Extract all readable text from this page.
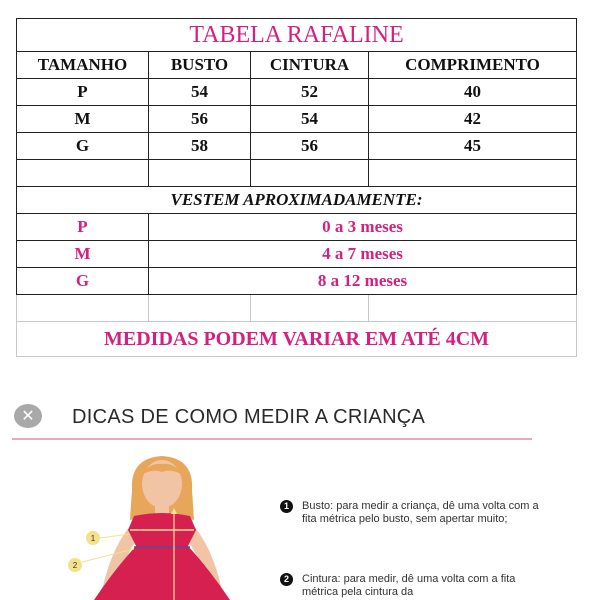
TABELA RAFALINE			
TAMANHO	BUSTO	CINTURA	COMPRIMENTO
P	54	52	40
M	56	54	42
G	58	56	45

VESTEM APROXIMADAMENTE:			
P	0 a 3 meses		
M	4 a 7 meses		
G	8 a 12 meses		

MEDIDAS PODEM VARIAR EM ATÉ 4CM			
✕	DICAS DE COMO MEDIR A CRIANÇA
1
2
1	Busto: para medir a criança, dê uma volta com a fita métrica pelo busto, sem apertar muito;
2	Cintura: para medir, dê uma volta com a fita métrica pela cintura da
